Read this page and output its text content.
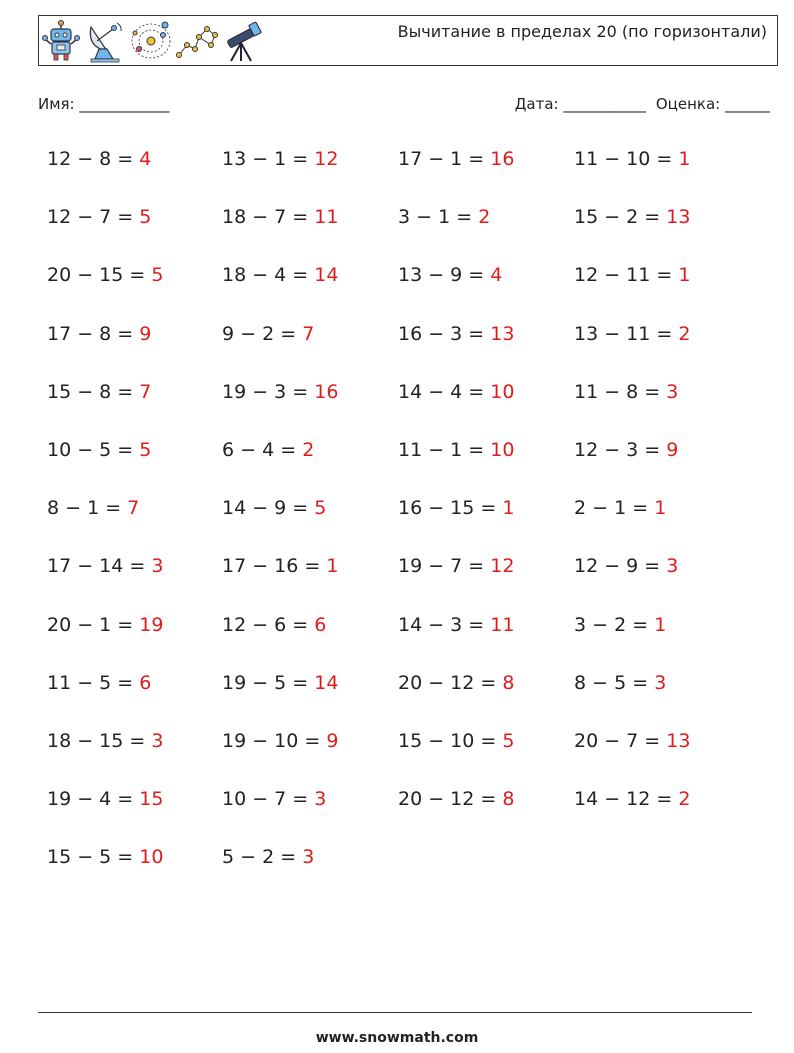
Вычитание в пределах 20 (по горизонтали)
Имя: ____________	Дата: ___________ Оценка: ______
12 − 8 = 4	13 − 1 = 12	17 − 1 = 16	11 − 10 = 1
12 − 7 = 5	18 − 7 = 11	3 − 1 = 2	15 − 2 = 13
20 − 15 = 5	18 − 4 = 14	13 − 9 = 4	12 − 11 = 1
17 − 8 = 9	9 − 2 = 7	16 − 3 = 13	13 − 11 = 2
15 − 8 = 7	19 − 3 = 16	14 − 4 = 10	11 − 8 = 3
10 − 5 = 5	6 − 4 = 2	11 − 1 = 10	12 − 3 = 9
8 − 1 = 7	14 − 9 = 5	16 − 15 = 1	2 − 1 = 1
17 − 14 = 3	17 − 16 = 1	19 − 7 = 12	12 − 9 = 3
20 − 1 = 19	12 − 6 = 6	14 − 3 = 11	3 − 2 = 1
11 − 5 = 6	19 − 5 = 14	20 − 12 = 8	8 − 5 = 3
18 − 15 = 3	19 − 10 = 9	15 − 10 = 5	20 − 7 = 13
19 − 4 = 15	10 − 7 = 3	20 − 12 = 8	14 − 12 = 2
15 − 5 = 10	5 − 2 = 3
www.snowmath.com
